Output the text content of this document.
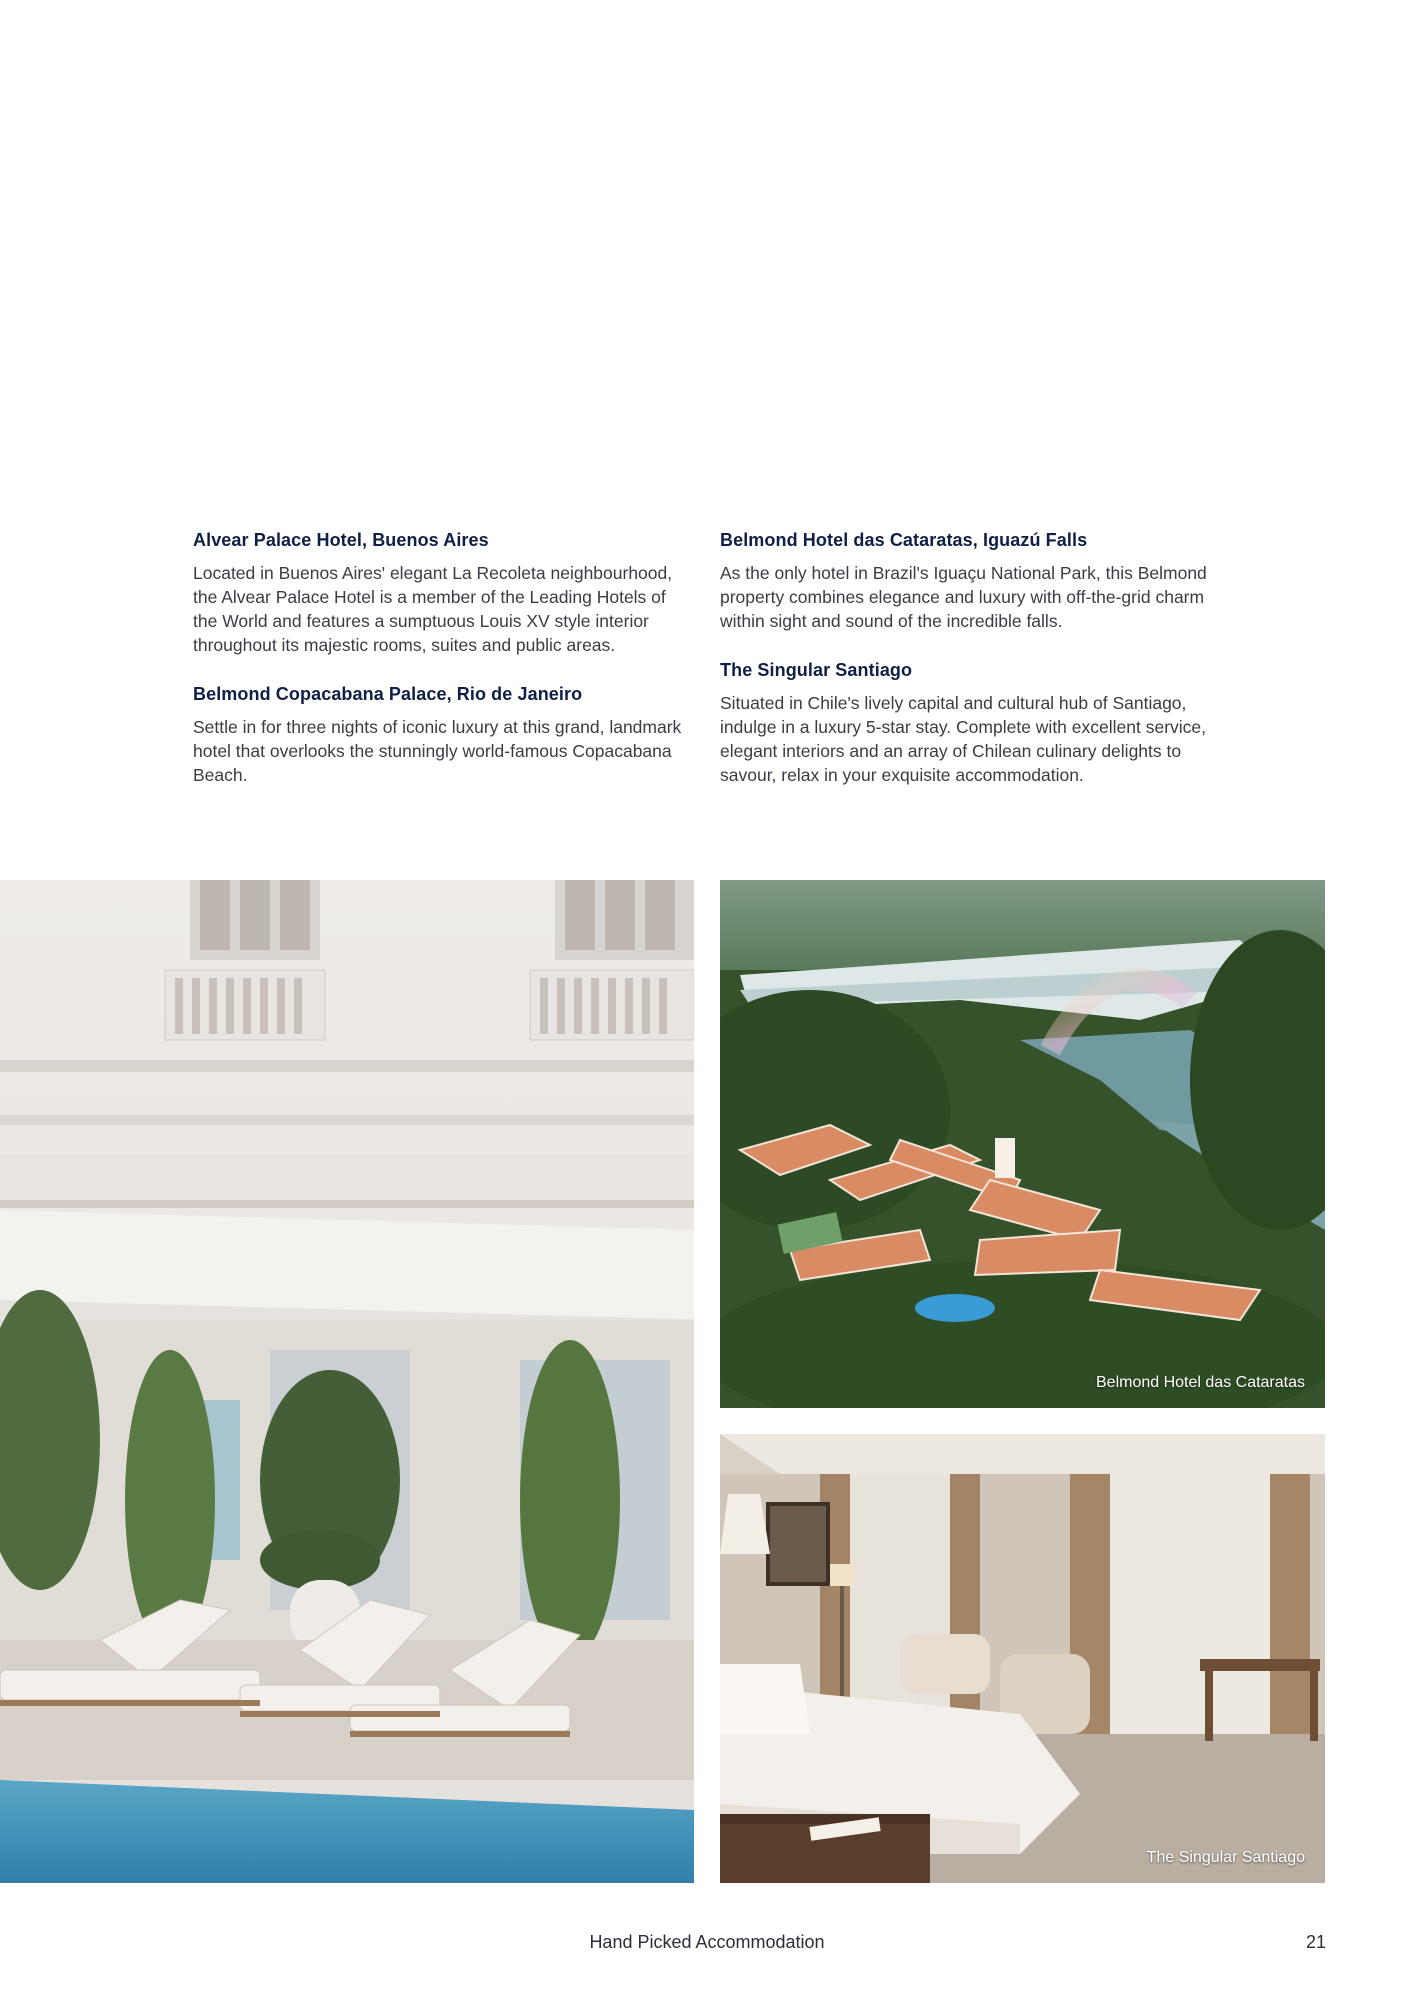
Alvear Palace Hotel, Buenos Aires

Located in Buenos Aires' elegant La Recoleta neighbourhood, the Alvear Palace Hotel is a member of the Leading Hotels of the World and features a sumptuous Louis XV style interior throughout its majestic rooms, suites and public areas.

Belmond Copacabana Palace, Rio de Janeiro

Settle in for three nights of iconic luxury at this grand, landmark hotel that overlooks the stunningly world-famous Copacabana Beach.

Belmond Hotel das Cataratas, Iguazú Falls

As the only hotel in Brazil's Iguaçu National Park, this Belmond property combines elegance and luxury with off-the-grid charm within sight and sound of the incredible falls.

The Singular Santiago

Situated in Chile's lively capital and cultural hub of Santiago, indulge in a luxury 5-star stay. Complete with excellent service, elegant interiors and an array of Chilean culinary delights to savour, relax in your exquisite accommodation.

Belmond Hotel das Cataratas
The Singular Santiago
Hand Picked Accommodation	21
